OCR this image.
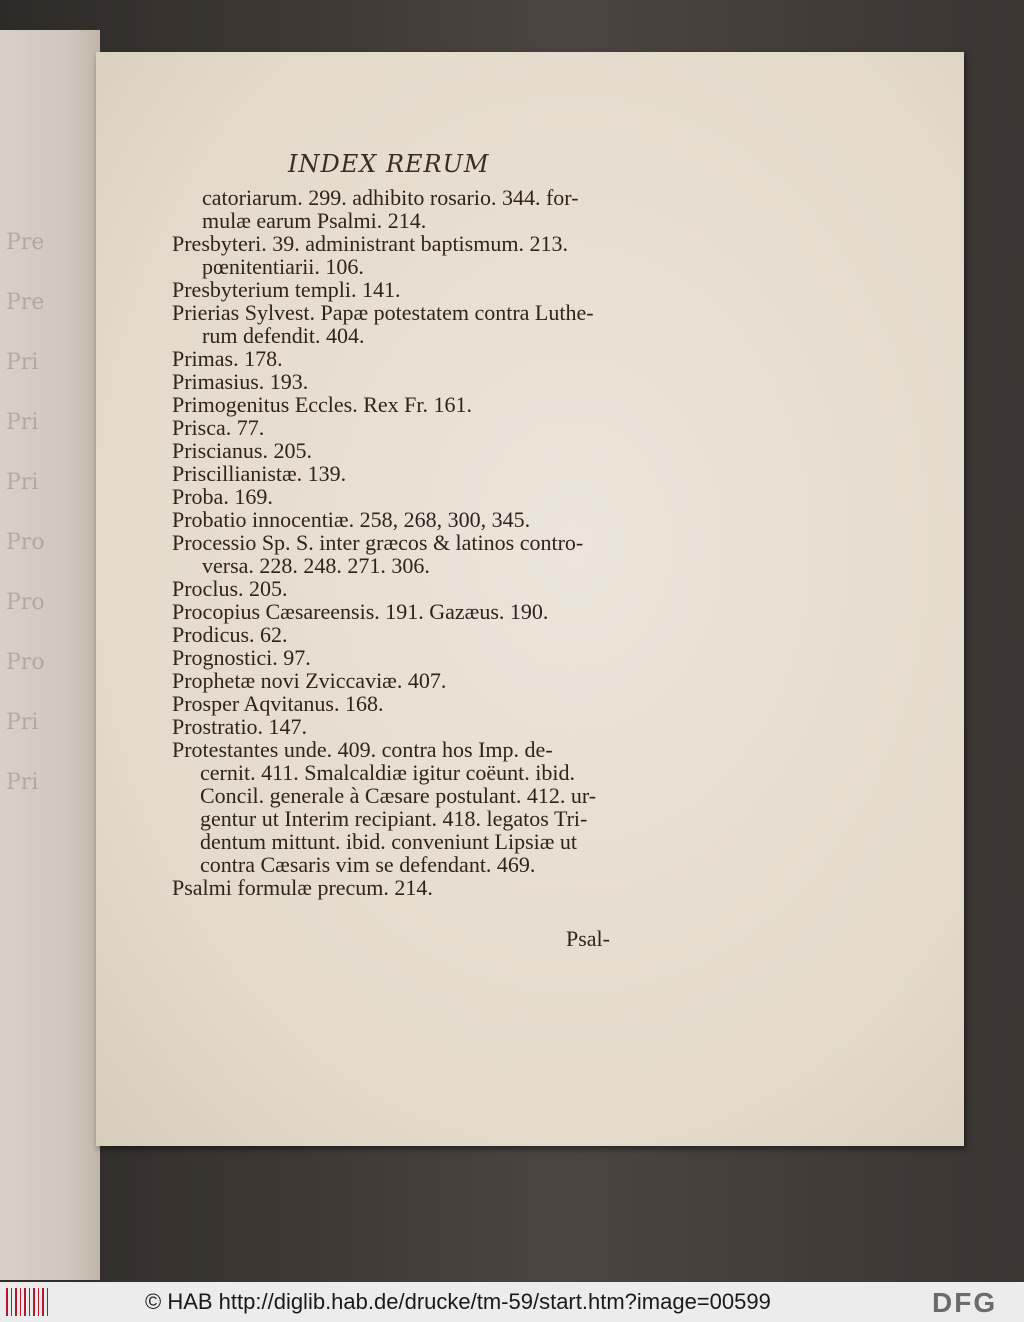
Pre
Pre
Pri
Pri
Pri
Pro
Pro
Pro
Pri
Pri
INDEX RERUM
catoriarum. 299. adhibito rosario. 344. for-
mulæ earum Psalmi. 214.
Presbyteri. 39. administrant baptismum. 213.
pœnitentiarii. 106.
Presbyterium templi. 141.
Prierias Sylvest. Papæ potestatem contra Luthe-
rum defendit. 404.
Primas. 178.
Primasius. 193.
Primogenitus Eccles. Rex Fr. 161.
Prisca. 77.
Priscianus. 205.
Priscillianistæ. 139.
Proba. 169.
Probatio innocentiæ. 258, 268, 300, 345.
Processio Sp. S. inter græcos & latinos contro-
versa. 228. 248. 271. 306.
Proclus. 205.
Procopius Cæsareensis. 191. Gazæus. 190.
Prodicus. 62.
Prognostici. 97.
Prophetæ novi Zviccaviæ. 407.
Prosper Aqvitanus. 168.
Prostratio. 147.
Protestantes unde. 409. contra hos Imp. de-
cernit. 411. Smalcaldiæ igitur coëunt. ibid.
Concil. generale à Cæsare postulant. 412. ur-
gentur ut Interim recipiant. 418. legatos Tri-
dentum mittunt. ibid. conveniunt Lipsiæ ut
contra Cæsaris vim se defendant. 469.
Psalmi formulæ precum. 214.
Psal-
© HAB http://diglib.hab.de/drucke/tm-59/start.htm?image=00599	DFG
